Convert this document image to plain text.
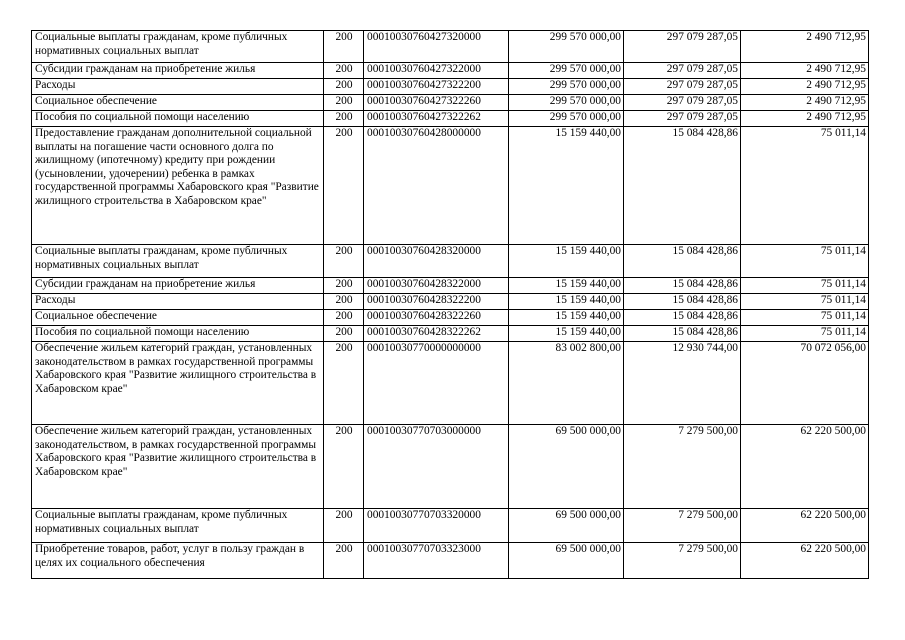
Социальные выплаты гражданам, кроме публичных нормативных социальных выплат	200	00010030760427320000	299 570 000,00	297 079 287,05	2 490 712,95
Субсидии гражданам на приобретение жилья	200	00010030760427322000	299 570 000,00	297 079 287,05	2 490 712,95
Расходы	200	00010030760427322200	299 570 000,00	297 079 287,05	2 490 712,95
Социальное обеспечение	200	00010030760427322260	299 570 000,00	297 079 287,05	2 490 712,95
Пособия по социальной помощи населению	200	00010030760427322262	299 570 000,00	297 079 287,05	2 490 712,95
Предоставление гражданам дополнительной социальной выплаты на погашение части основного долга по жилищному (ипотечному) кредиту при рождении (усыновлении, удочерении) ребенка в рамках государственной программы Хабаровского края "Развитие жилищного строительства в Хабаровском крае"	200	00010030760428000000	15 159 440,00	15 084 428,86	75 011,14
Социальные выплаты гражданам, кроме публичных нормативных социальных выплат	200	00010030760428320000	15 159 440,00	15 084 428,86	75 011,14
Субсидии гражданам на приобретение жилья	200	00010030760428322000	15 159 440,00	15 084 428,86	75 011,14
Расходы	200	00010030760428322200	15 159 440,00	15 084 428,86	75 011,14
Социальное обеспечение	200	00010030760428322260	15 159 440,00	15 084 428,86	75 011,14
Пособия по социальной помощи населению	200	00010030760428322262	15 159 440,00	15 084 428,86	75 011,14
Обеспечение жильем категорий граждан, установленных законодательством в рамках государственной программы Хабаровского края "Развитие жилищного строительства в Хабаровском крае"	200	00010030770000000000	83 002 800,00	12 930 744,00	70 072 056,00
Обеспечение жильем категорий граждан, установленных законодательством, в рамках государственной программы Хабаровского края "Развитие жилищного строительства в Хабаровском крае"	200	00010030770703000000	69 500 000,00	7 279 500,00	62 220 500,00
Социальные выплаты гражданам, кроме публичных нормативных социальных выплат	200	00010030770703320000	69 500 000,00	7 279 500,00	62 220 500,00
Приобретение товаров, работ, услуг в пользу граждан в целях их социального обеспечения	200	00010030770703323000	69 500 000,00	7 279 500,00	62 220 500,00
